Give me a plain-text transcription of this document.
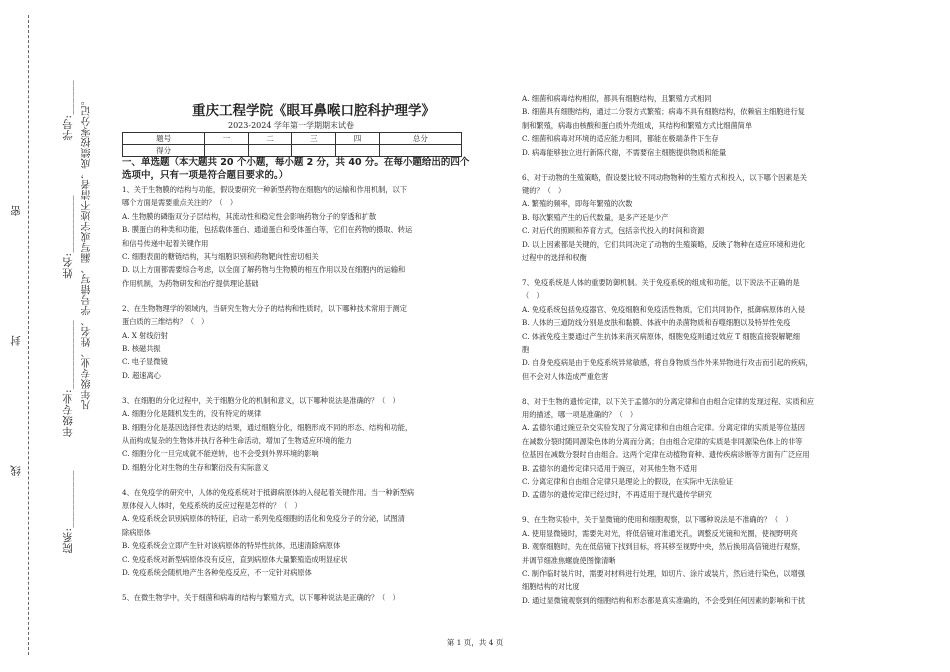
密
封
线
学号:______
姓名:__________
年级专业:____________
院系:__________
凡年级专业、姓名、学号错写、漏写或字迹不清者，成绩按零分记。	重庆工程学院《眼耳鼻喉口腔科护理学》
2023-2024 学年第一学期期末试卷
题号	一	二	三	四	总分
得分					
一、单选题（本大题共 20 个小题，每小题 2 分，共 40 分。在每小题给出的四个
选项中，只有一项是符合题目要求的。）

1、关于生物膜的结构与功能，假设要研究一种新型药物在细胞内的运输和作用机制，以下

哪个方面是需要重点关注的？（　）

A. 生物膜的磷脂双分子层结构，其流动性和稳定性会影响药物分子的穿透和扩散

B. 膜蛋白的种类和功能，包括载体蛋白、通道蛋白和受体蛋白等，它们在药物的摄取、转运

和信号传递中起着关键作用

C. 细胞表面的糖链结构，其与细胞识别和药物靶向性密切相关

D. 以上方面都需要综合考虑，以全面了解药物与生物膜的相互作用以及在细胞内的运输和

作用机制，为药物研发和治疗提供理论基础

2、在生物物理学的领域内，当研究生物大分子的结构和性质时，以下哪种技术常用于测定

蛋白质的三维结构？（　）

A. X 射线衍射

B. 核磁共振

C. 电子显微镜

D. 超速离心

3、在细胞的分化过程中，关于细胞分化的机制和意义，以下哪种说法是准确的？（　）

A. 细胞分化是随机发生的，没有特定的规律

B. 细胞分化是基因选择性表达的结果，通过细胞分化，细胞形成不同的形态、结构和功能，

从而构成复杂的生物体并执行各种生命活动，增加了生物适应环境的能力

C. 细胞分化一旦完成就不能逆转，也不会受到外界环境的影响

D. 细胞分化对生物的生存和繁衍没有实际意义

4、在免疫学的研究中，人体的免疫系统对于抵御病原体的入侵起着关键作用。当一种新型病

原体侵入人体时，免疫系统的反应过程是怎样的？（　）

A. 免疫系统会识别病原体的特征，启动一系列免疫细胞的活化和免疫分子的分泌，试图清

除病原体

B. 免疫系统会立即产生针对该病原体的特异性抗体，迅速清除病原体

C. 免疫系统对新型病原体没有反应，直到病原体大量繁殖造成明显症状

D. 免疫系统会随机地产生各种免疫反应，不一定针对病原体

5、在微生物学中，关于细菌和病毒的结构与繁殖方式，以下哪种说法是正确的？（　）

A. 细菌和病毒结构相似，都具有细胞结构，且繁殖方式相同

B. 细菌具有细胞结构，通过二分裂方式繁殖；病毒不具有细胞结构，依赖宿主细胞进行复

制和繁殖，病毒由核酸和蛋白质外壳组成，其结构和繁殖方式比细菌简单

C. 细菌和病毒对环境的适应能力相同，都能在极端条件下生存

D. 病毒能够独立进行新陈代谢，不需要宿主细胞提供物质和能量

6、对于动物的生殖策略，假设要比较不同动物物种的生殖方式和投入，以下哪个因素是关

键的？（　）

A. 繁殖的频率，即每年繁殖的次数

B. 每次繁殖产生的后代数量，是多产还是少产

C. 对后代的照顾和养育方式，包括亲代投入的时间和资源

D. 以上因素都是关键的，它们共同决定了动物的生殖策略，反映了物种在适应环境和进化

过程中的选择和权衡

7、免疫系统是人体的重要防御机制。关于免疫系统的组成和功能，以下说法不正确的是

（　）

A. 免疫系统包括免疫器官、免疫细胞和免疫活性物质，它们共同协作，抵御病原体的入侵

B. 人体的三道防线分别是皮肤和黏膜、体液中的杀菌物质和吞噬细胞以及特异性免疫

C. 体液免疫主要通过产生抗体来消灭病原体，细胞免疫则通过效应 T 细胞直接裂解靶细

胞

D. 自身免疫病是由于免疫系统异常敏感，将自身物质当作外来异物进行攻击而引起的疾病，

但不会对人体造成严重危害

8、对于生物的遗传定律，以下关于孟德尔的分离定律和自由组合定律的发现过程、实质和应

用的描述，哪一项是准确的？（　）

A. 孟德尔通过豌豆杂交实验发现了分离定律和自由组合定律。分离定律的实质是等位基因

在减数分裂时随同源染色体的分离而分离；自由组合定律的实质是非同源染色体上的非等

位基因在减数分裂时自由组合。这两个定律在动植物育种、遗传疾病诊断等方面有广泛应用

B. 孟德尔的遗传定律只适用于豌豆，对其他生物不适用

C. 分离定律和自由组合定律只是理论上的假设，在实际中无法验证

D. 孟德尔的遗传定律已经过时，不再适用于现代遗传学研究

9、在生物实验中，关于显微镜的使用和细胞观察，以下哪种说法是不准确的？（　）

A. 使用显微镜时，需要先对光，将低倍镜对准通光孔，调整反光镜和光圈，使视野明亮

B. 观察细胞时，先在低倍镜下找到目标，将其移至视野中央，然后换用高倍镜进行观察，

并调节细准焦螺旋使图像清晰

C. 制作临时装片时，需要对材料进行处理，如切片、涂片或装片，然后进行染色，以增强

细胞结构的对比度

D. 通过显微镜观察到的细胞结构和形态都是真实准确的，不会受到任何因素的影响和干扰

第 1 页，共 4 页
